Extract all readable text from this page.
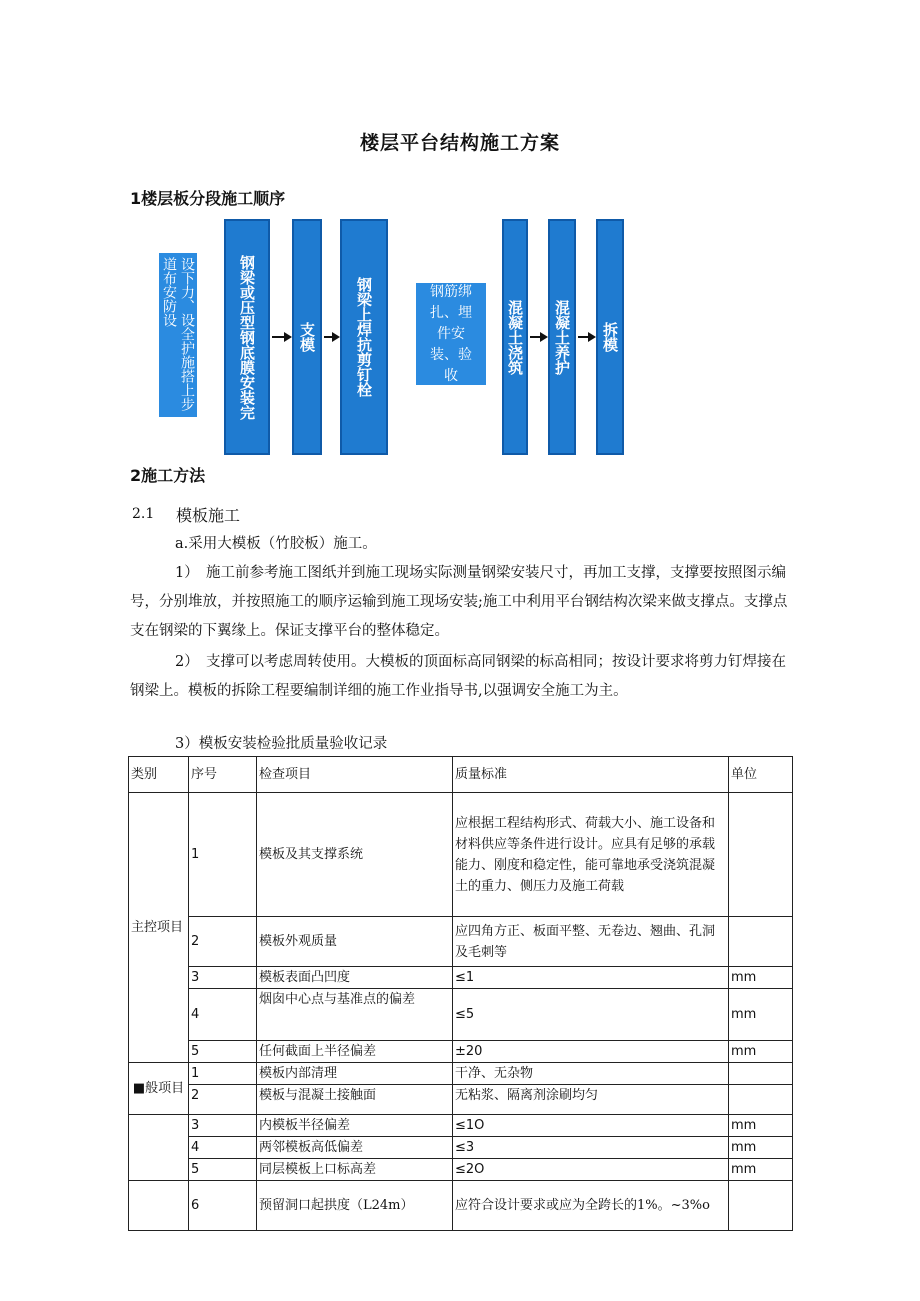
楼层平台结构施工方案
1楼层板分段施工顺序
设下力、设全护施搭上步道布安防设	钢梁或压型钢底膜安装完	支模	钢梁上焊抗剪钉栓	钢筋绑
扎、埋
件安
装、验
收
混凝土浇筑	混凝土养护	拆模
2施工方法
2.1 模板施工
a.采用大模板（竹胶板）施工。
1）　施工前参考施工图纸并到施工现场实际测量钢梁安装尺寸，再加工支撑，支撑要按照图示编号，分别堆放，并按照施工的顺序运输到施工现场安装;施工中利用平台钢结构次梁来做支撑点。支撑点支在钢梁的下翼缘上。保证支撑平台的整体稳定。
2）　支撑可以考虑周转使用。大模板的顶面标高同钢梁的标高相同；按设计要求将剪力钉焊接在钢梁上。模板的拆除工程要编制详细的施工作业指导书,以强调安全施工为主。
3）模板安装检验批质量验收记录
类别	序号	检查项目	质量标准	单位
主控项目	1	模板及其支撑系统	应根据工程结构形式、荷载大小、施工设备和材料供应等条件进行设计。应具有足够的承载能力、刚度和稳定性，能可靠地承受浇筑混凝土的重力、侧压力及施工荷载	
	2	模板外观质量	应四角方正、板面平整、无卷边、翘曲、孔洞及毛刺等	
	3	模板表面凸凹度	≤1	mm
	4	烟囱中心点与基准点的偏差	≤5	mm
	5	任何截面上半径偏差	±20	mm
■般项目	1	模板内部清理	干净、无杂物	
	2	模板与混凝土接触面	无粘浆、隔离剂涂刷均匀	
	3	内模板半径偏差	≤1O	mm
	4	两邻模板高低偏差	≤3	mm
	5	同层模板上口标高差	≤2O	mm
	6	预留洞口起拱度（L24m）	应符合设计要求或应为全跨长的1%。~3%o	
